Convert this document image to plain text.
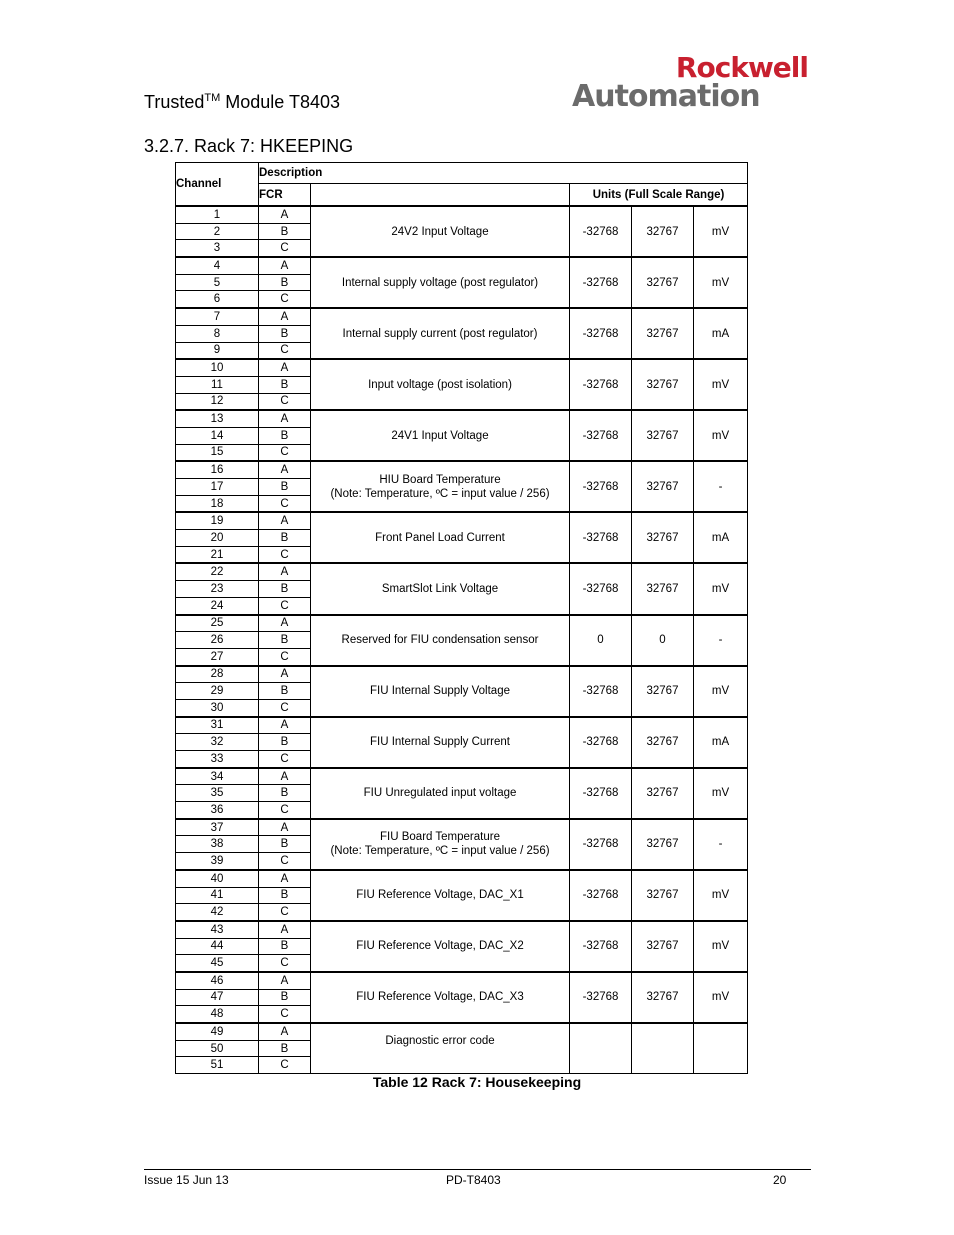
Trusted™ Module T8403
Rockwell
Automation
3.2.7. Rack 7: HKEEPING
Channel	Description				
	FCR		Units (Full Scale Range)		
1	A	24V2 Input Voltage	-32768	32767	mV
2	B				
3	C				
4	A	Internal supply voltage (post regulator)	-32768	32767	mV
5	B				
6	C				
7	A	Internal supply current (post regulator)	-32768	32767	mA
8	B				
9	C				
10	A	Input voltage (post isolation)	-32768	32767	mV
11	B				
12	C				
13	A	24V1 Input Voltage	-32768	32767	mV
14	B				
15	C				
16	A	HIU Board Temperature
(Note: Temperature, ºC = input value / 256)	-32768	32767	-
17	B				
18	C				
19	A	Front Panel Load Current	-32768	32767	mA
20	B				
21	C				
22	A	SmartSlot Link Voltage	-32768	32767	mV
23	B				
24	C				
25	A	Reserved for FIU condensation sensor	0	0	-
26	B				
27	C				
28	A	FIU Internal Supply Voltage	-32768	32767	mV
29	B				
30	C				
31	A	FIU Internal Supply Current	-32768	32767	mA
32	B				
33	C				
34	A	FIU Unregulated input voltage	-32768	32767	mV
35	B				
36	C				
37	A	FIU Board Temperature
(Note: Temperature, ºC = input value / 256)	-32768	32767	-
38	B				
39	C				
40	A	FIU Reference Voltage, DAC_X1	-32768	32767	mV
41	B				
42	C				
43	A	FIU Reference Voltage, DAC_X2	-32768	32767	mV
44	B				
45	C				
46	A	FIU Reference Voltage, DAC_X3	-32768	32767	mV
47	B				
48	C				
49	A	Diagnostic error code			

50	B				
51	C				
Table 12 Rack 7: Housekeeping
Issue 15 Jun 13	PD-T8403	20
